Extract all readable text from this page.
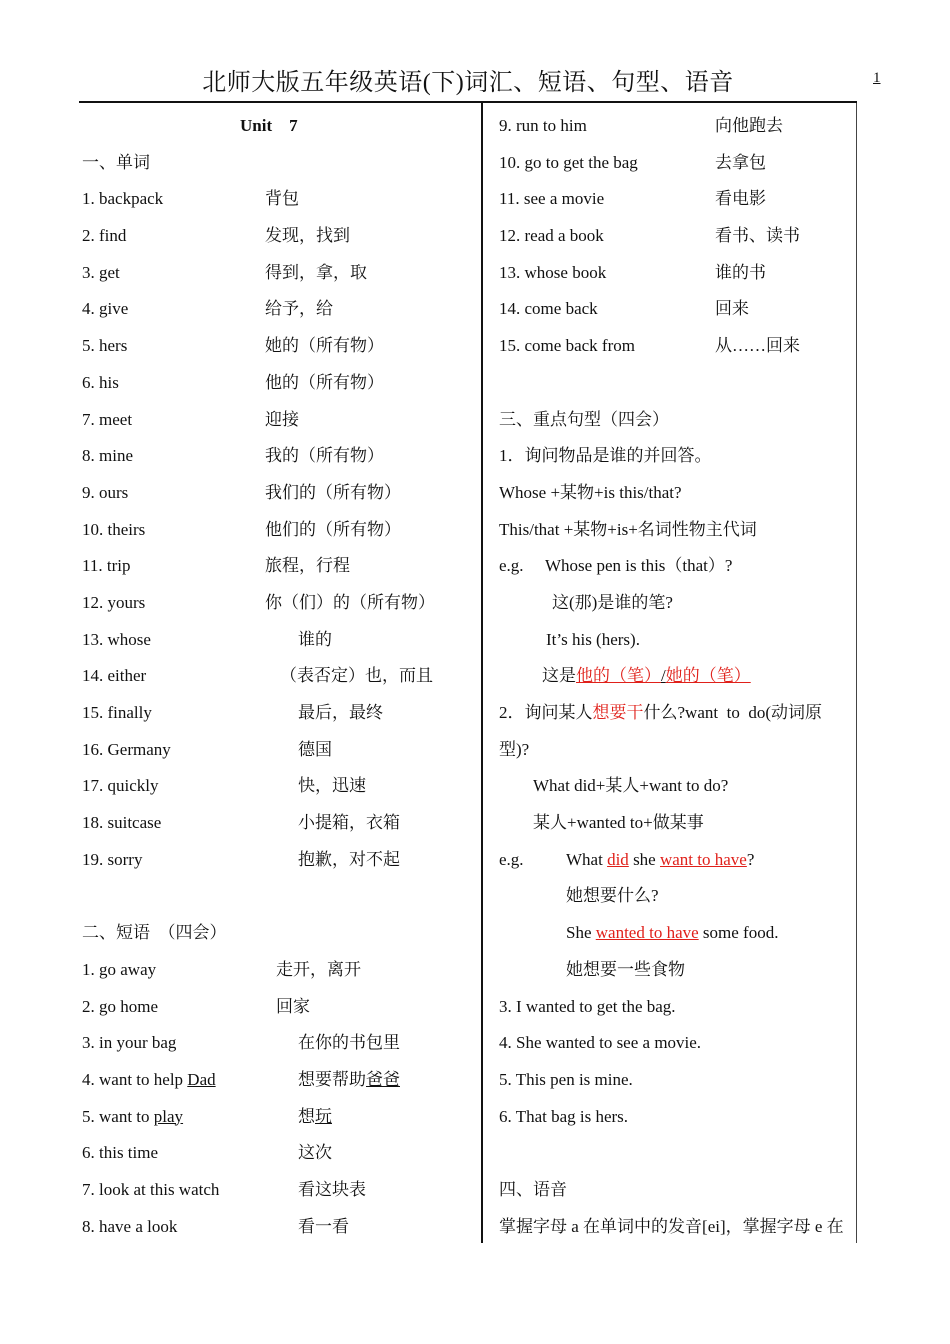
北师大版五年级英语(下)词汇、短语、句型、语音	1
Unit    7
一、单词
1. backpack	背包
2. find	发现，找到
3. get	得到，拿，取
4. give	给予，给
5. hers	她的（所有物）
6. his	他的（所有物）
7. meet	迎接
8. mine	我的（所有物）
9. ours	我们的（所有物）
10. theirs	他们的（所有物）
11. trip	旅程，行程
12. yours	你（们）的（所有物）
13. whose	谁的
14. either	（表否定）也，而且
15. finally	最后，最终
16. Germany	德国
17. quickly	快，迅速
18. suitcase	小提箱，衣箱
19. sorry	抱歉，对不起
二、短语  （四会）
1. go away	走开，离开
2. go home	回家
3. in your bag	在你的书包里
4. want to help Dad	想要帮助爸爸
5. want to play	想玩
6. this time	这次
7. look at this watch	看这块表
8. have a look	看一看
9. run to him	向他跑去
10. go to get the bag	去拿包
11. see a movie	看电影
12. read a book	看书、读书
13. whose book	谁的书
14. come back	回来
15. come back from	从……回来
三、重点句型（四会）
1．询问物品是谁的并回答。
Whose +某物+is this/that?
This/that +某物+is+名词性物主代词
e.g. Whose pen is this（that）?
这(那)是谁的笔?
It’s his (hers).
这是他的（笔）/她的（笔）
2．询问某人想要干什么?want  to  do(动词原
型)?
What did+某人+want to do?
某人+wanted to+做某事
e.g. What did she want to have?
她想要什么?
She wanted to have some food.
她想要一些食物
3. I wanted to get the bag.
4. She wanted to see a movie.
5. This pen is mine.
6. That bag is hers.
四、语音
掌握字母 a 在单词中的发音[ei]，掌握字母 e 在
